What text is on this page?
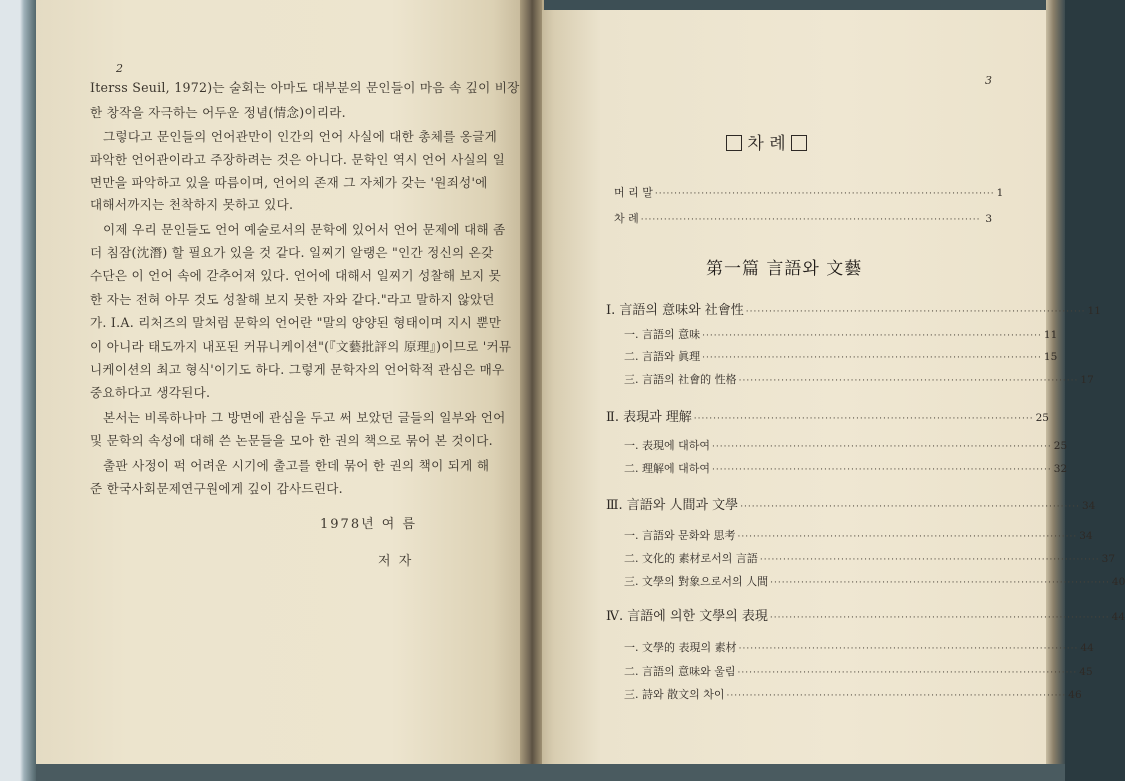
2
Iterss Seuil, 1972)는 술회는 아마도 대부분의 문인들이 마음 속 깊이 비장
한 창작을 자극하는 어두운 정념(情念)이리라.
그렇다고 문인들의 언어관만이 인간의 언어 사실에 대한 총체를 옹글게
파악한 언어관이라고 주장하려는 것은 아니다. 문학인 역시 언어 사실의 일
면만을 파악하고 있을 따름이며, 언어의 존재 그 자체가 갖는 '원죄성'에
대해서까지는 천착하지 못하고 있다.
이제 우리 문인들도 언어 예술로서의 문학에 있어서 언어 문제에 대해 좀
더 침잠(沈潛) 할 필요가 있을 것 같다. 일찌기 알랭은 "인간 정신의 온갖
수단은 이 언어 속에 갇추어져 있다. 언어에 대해서 일찌기 성찰해 보지 못
한 자는 전혀 아무 것도 성찰해 보지 못한 자와 같다."라고 말하지 않았던
가. I.A. 리처즈의 말처럼 문학의 언어란 "말의 양양된 형태이며 지시 뿐만
이 아니라 태도까지 내포된 커뮤니케이션"(『文藝批評의 原理』)이므로 '커뮤
니케이션의 최고 형식'이기도 하다. 그렇게 문학자의 언어학적 관심은 매우
중요하다고 생각된다.
본서는 비록하나마 그 방면에 관심을 두고 써 보았던 글들의 일부와 언어
및 문학의 속성에 대해 쓴 논문들을 모아 한 권의 책으로 묶어 본 것이다.
출판 사정이 퍽 어려운 시기에 출고를 한데 묶어 한 권의 책이 되게 해
준 한국사회문제연구원에게 깊이 감사드린다.
1978년 여 름
저 자
3
차 례
머 리 말 ························································································ 1
차 례 ························································································ 3
第一篇 言語와 文藝
Ⅰ. 言語의 意味와 社會性 ························································································ 11
一. 言語의 意味 ························································································ 11
二. 言語와 眞理 ························································································ 15
三. 言語의 社會的 性格 ························································································ 17
Ⅱ. 表現과 理解 ························································································ 25
一. 表現에 대하여 ························································································ 25
二. 理解에 대하여 ························································································ 32
Ⅲ. 言語와 人間과 文學 ························································································ 34
一. 言語와 문화와 思考 ························································································ 34
二. 文化的 素材로서의 言語 ························································································ 37
三. 文學의 對象으로서의 人間 ························································································ 40
Ⅳ. 言語에 의한 文學의 表現 ························································································ 44
一. 文學的 表現의 素材 ························································································ 44
二. 言語의 意味와 울림 ························································································ 45
三. 詩와 散文의 차이 ························································································ 46
